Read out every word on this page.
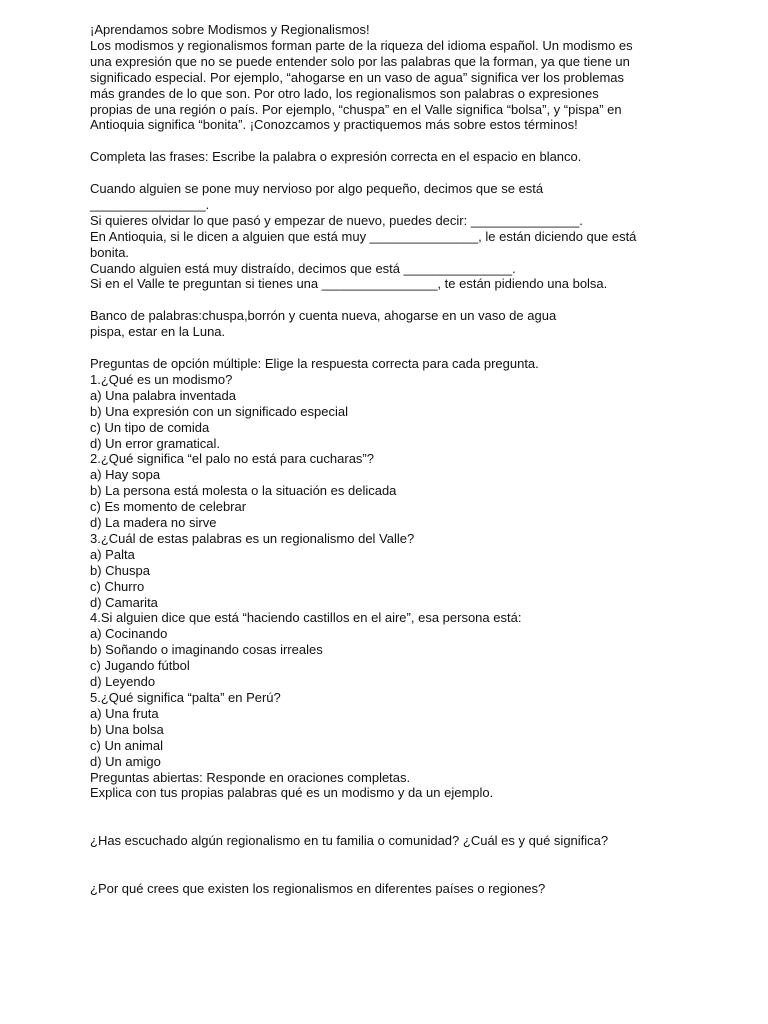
¡Aprendamos sobre Modismos y Regionalismos!
Los modismos y regionalismos forman parte de la riqueza del idioma español. Un modismo es
una expresión que no se puede entender solo por las palabras que la forman, ya que tiene un
significado especial. Por ejemplo, “ahogarse en un vaso de agua” significa ver los problemas
más grandes de lo que son. Por otro lado, los regionalismos son palabras o expresiones
propias de una región o país. Por ejemplo, “chuspa” en el Valle significa “bolsa”, y “pispa” en
Antioquia significa “bonita”. ¡Conozcamos y practiquemos más sobre estos términos!
Completa las frases: Escribe la palabra o expresión correcta en el espacio en blanco.
Cuando alguien se pone muy nervioso por algo pequeño, decimos que se está
________________.
Si quieres olvidar lo que pasó y empezar de nuevo, puedes decir: _______________.
En Antioquia, si le dicen a alguien que está muy _______________, le están diciendo que está
bonita.
Cuando alguien está muy distraído, decimos que está _______________.
Si en el Valle te preguntan si tienes una ________________, te están pidiendo una bolsa.
Banco de palabras:chuspa,borrón y cuenta nueva, ahogarse en un vaso de agua
pispa, estar en la Luna.
Preguntas de opción múltiple: Elige la respuesta correcta para cada pregunta.
1.¿Qué es un modismo?
a) Una palabra inventada
b) Una expresión con un significado especial
c) Un tipo de comida
d) Un error gramatical.
2.¿Qué significa “el palo no está para cucharas”?
a) Hay sopa
b) La persona está molesta o la situación es delicada
c) Es momento de celebrar
d) La madera no sirve
3.¿Cuál de estas palabras es un regionalismo del Valle?
a) Palta
b) Chuspa
c) Churro
d) Camarita
4.Si alguien dice que está “haciendo castillos en el aire”, esa persona está:
a) Cocinando
b) Soñando o imaginando cosas irreales
c) Jugando fútbol
d) Leyendo
5.¿Qué significa “palta” en Perú?
a) Una fruta
b) Una bolsa
c) Un animal
d) Un amigo
Preguntas abiertas: Responde en oraciones completas.
Explica con tus propias palabras qué es un modismo y da un ejemplo.
¿Has escuchado algún regionalismo en tu familia o comunidad? ¿Cuál es y qué significa?
¿Por qué crees que existen los regionalismos en diferentes países o regiones?
